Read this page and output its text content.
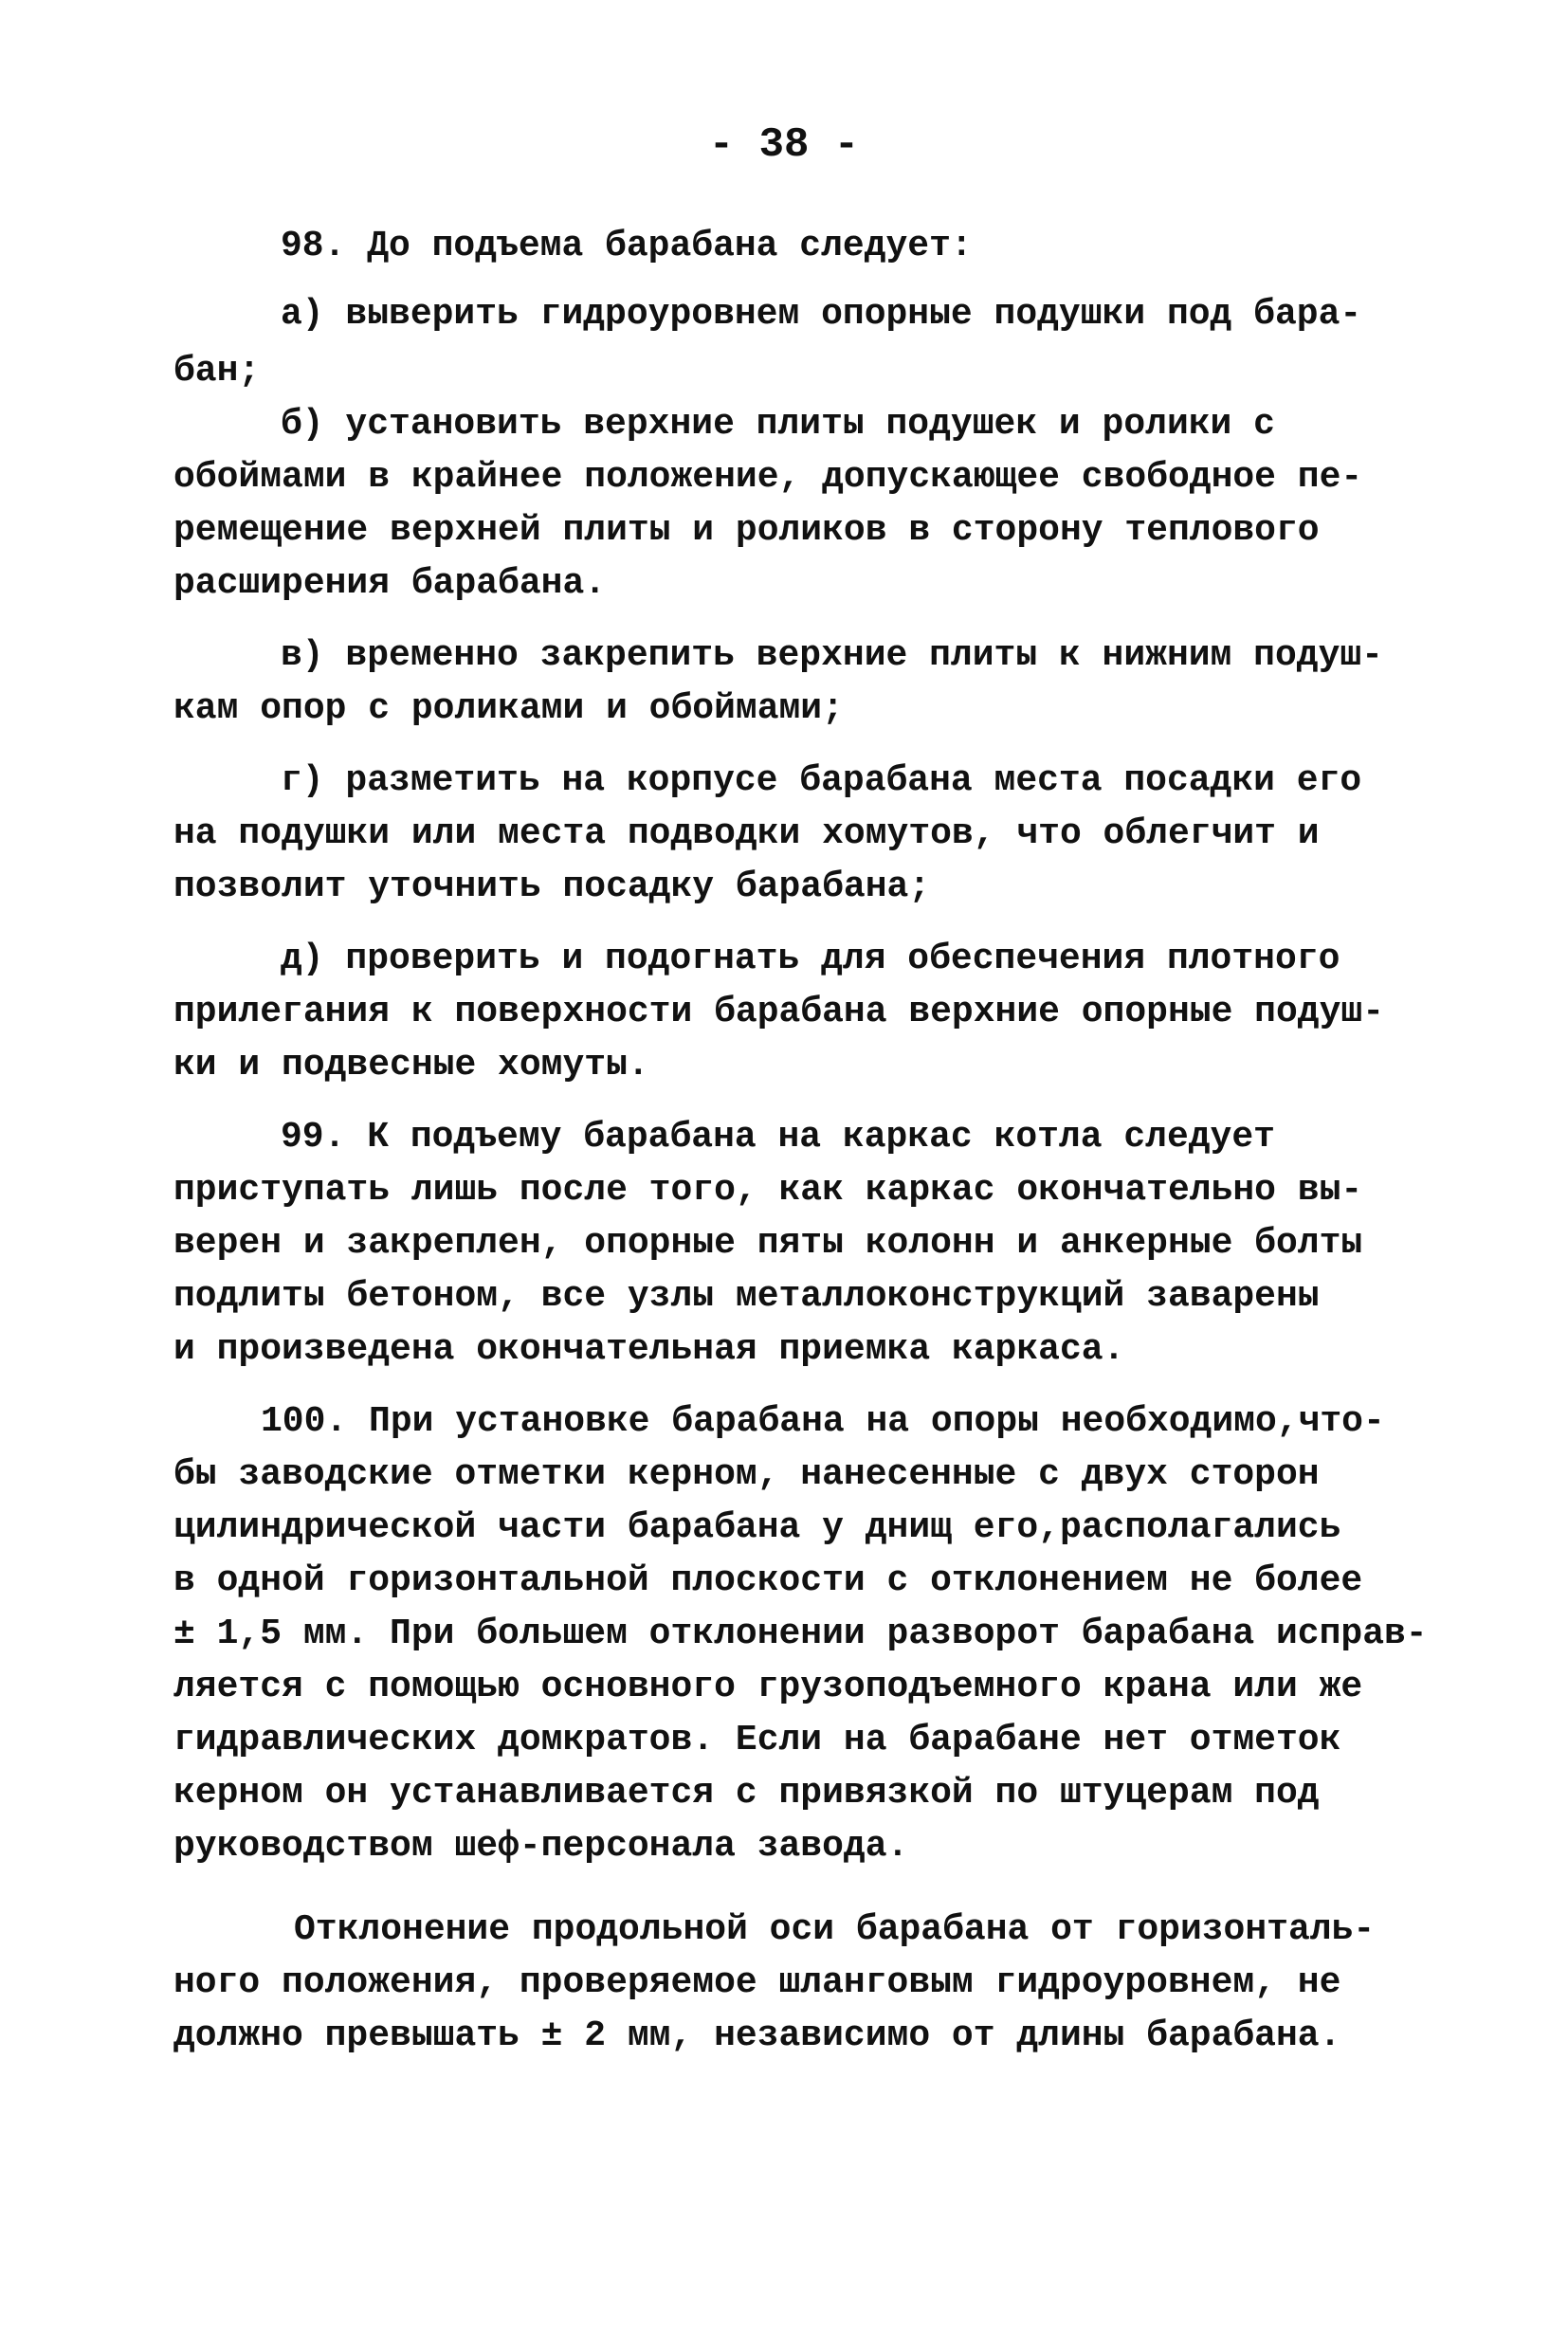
- 38 -
98. До подъема барабана следует:
а) выверить гидроуровнем опорные подушки под бара-
бан;
б) установить верхние плиты подушек и ролики с
обоймами в крайнее положение, допускающее свободное пе-
ремещение верхней плиты и роликов в сторону теплового
расширения барабана.
в) временно закрепить верхние плиты к нижним подуш-
кам опор с роликами и обоймами;
г) разметить на корпусе барабана места посадки его
на подушки или места подводки хомутов, что облегчит и
позволит уточнить посадку барабана;
д) проверить и подогнать для обеспечения плотного
прилегания к поверхности барабана верхние опорные подуш-
ки и подвесные хомуты.
99. К подъему барабана на каркас котла следует
приступать лишь после того, как каркас окончательно вы-
верен и закреплен, опорные пяты колонн и анкерные болты
подлиты бетоном, все узлы металлоконструкций заварены
и произведена окончательная приемка каркаса.
100. При установке барабана на опоры необходимо,что-
бы заводские отметки керном, нанесенные с двух сторон
цилиндрической части барабана у днищ его,располагались
в одной горизонтальной плоскости с отклонением не более
± 1,5 мм. При большем отклонении разворот барабана исправ-
ляется с помощью основного грузоподъемного крана или же
гидравлических домкратов. Если на барабане нет отметок
керном он устанавливается с привязкой по штуцерам под
руководством шеф-персонала завода.
Отклонение продольной оси барабана от горизонталь-
ного положения, проверяемое шланговым гидроуровнем, не
должно превышать ± 2 мм, независимо от длины барабана.
